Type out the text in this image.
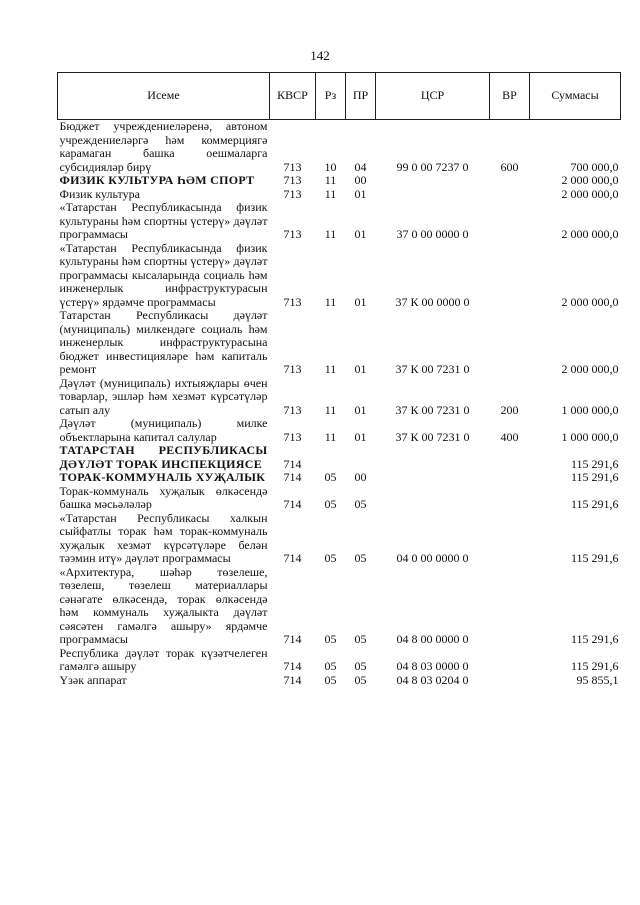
142
Исеме	КВСР	Рз	ПР	ЦСР	ВР	Суммасы
Бюджет учреждениеләренә, автоном учреждениеләргә һәм коммерциягә карамаган башка оешмаларга субсидияләр бирү	713	10	04	99 0 00 7237 0	600	700 000,0
ФИЗИК КУЛЬТУРА ҺӘМ СПОРТ	713	11	00			2 000 000,0
Физик культура	713	11	01			2 000 000,0
«Татарстан Республикасында физик культураны һәм спортны үстерү» дәүләт программасы	713	11	01	37 0 00 0000 0		2 000 000,0
«Татарстан Республикасында физик культураны һәм спортны үстерү» дәүләт программасы кысаларында социаль һәм инженерлык инфраструктурасын үстерү» ярдәмче программасы	713	11	01	37 К 00 0000 0		2 000 000,0
Татарстан Республикасы дәүләт (муниципаль) милкендәге социаль һәм инженерлык инфраструктурасына бюджет инвестицияләре һәм капиталь ремонт	713	11	01	37 К 00 7231 0		2 000 000,0
Дәүләт (муниципаль) ихтыяҗлары өчен товарлар, эшләр һәм хезмәт күрсәтүләр сатып алу	713	11	01	37 К 00 7231 0	200	1 000 000,0
Дәүләт (муниципаль) милке объектларына капитал салулар	713	11	01	37 К 00 7231 0	400	1 000 000,0
ТАТАРСТАН РЕСПУБЛИКАСЫ ДӘҮЛӘТ ТОРАК ИНСПЕКЦИЯСЕ	714					115 291,6
ТОРАК-КОММУНАЛЬ ХУҖАЛЫК	714	05	00			115 291,6
Торак-коммуналь хуҗалык өлкәсендә башка мәсьәләләр	714	05	05			115 291,6
«Татарстан Республикасы халкын сыйфатлы торак һәм торак-коммуналь хуҗалык хезмәт күрсәтүләре белән тәэмин итү» дәүләт программасы	714	05	05	04 0 00 0000 0		115 291,6
«Архитектура, шәһәр төзелеше, төзелеш, төзелеш материаллары сәнәгате өлкәсендә, торак өлкәсендә һәм коммуналь хуҗалыкта дәүләт сәясәтен гамәлгә ашыру» ярдәмче программасы	714	05	05	04 8 00 0000 0		115 291,6
Республика дәүләт торак күзәтчелеген гамәлгә ашыру	714	05	05	04 8 03 0000 0		115 291,6
Үзәк аппарат	714	05	05	04 8 03 0204 0		95 855,1
